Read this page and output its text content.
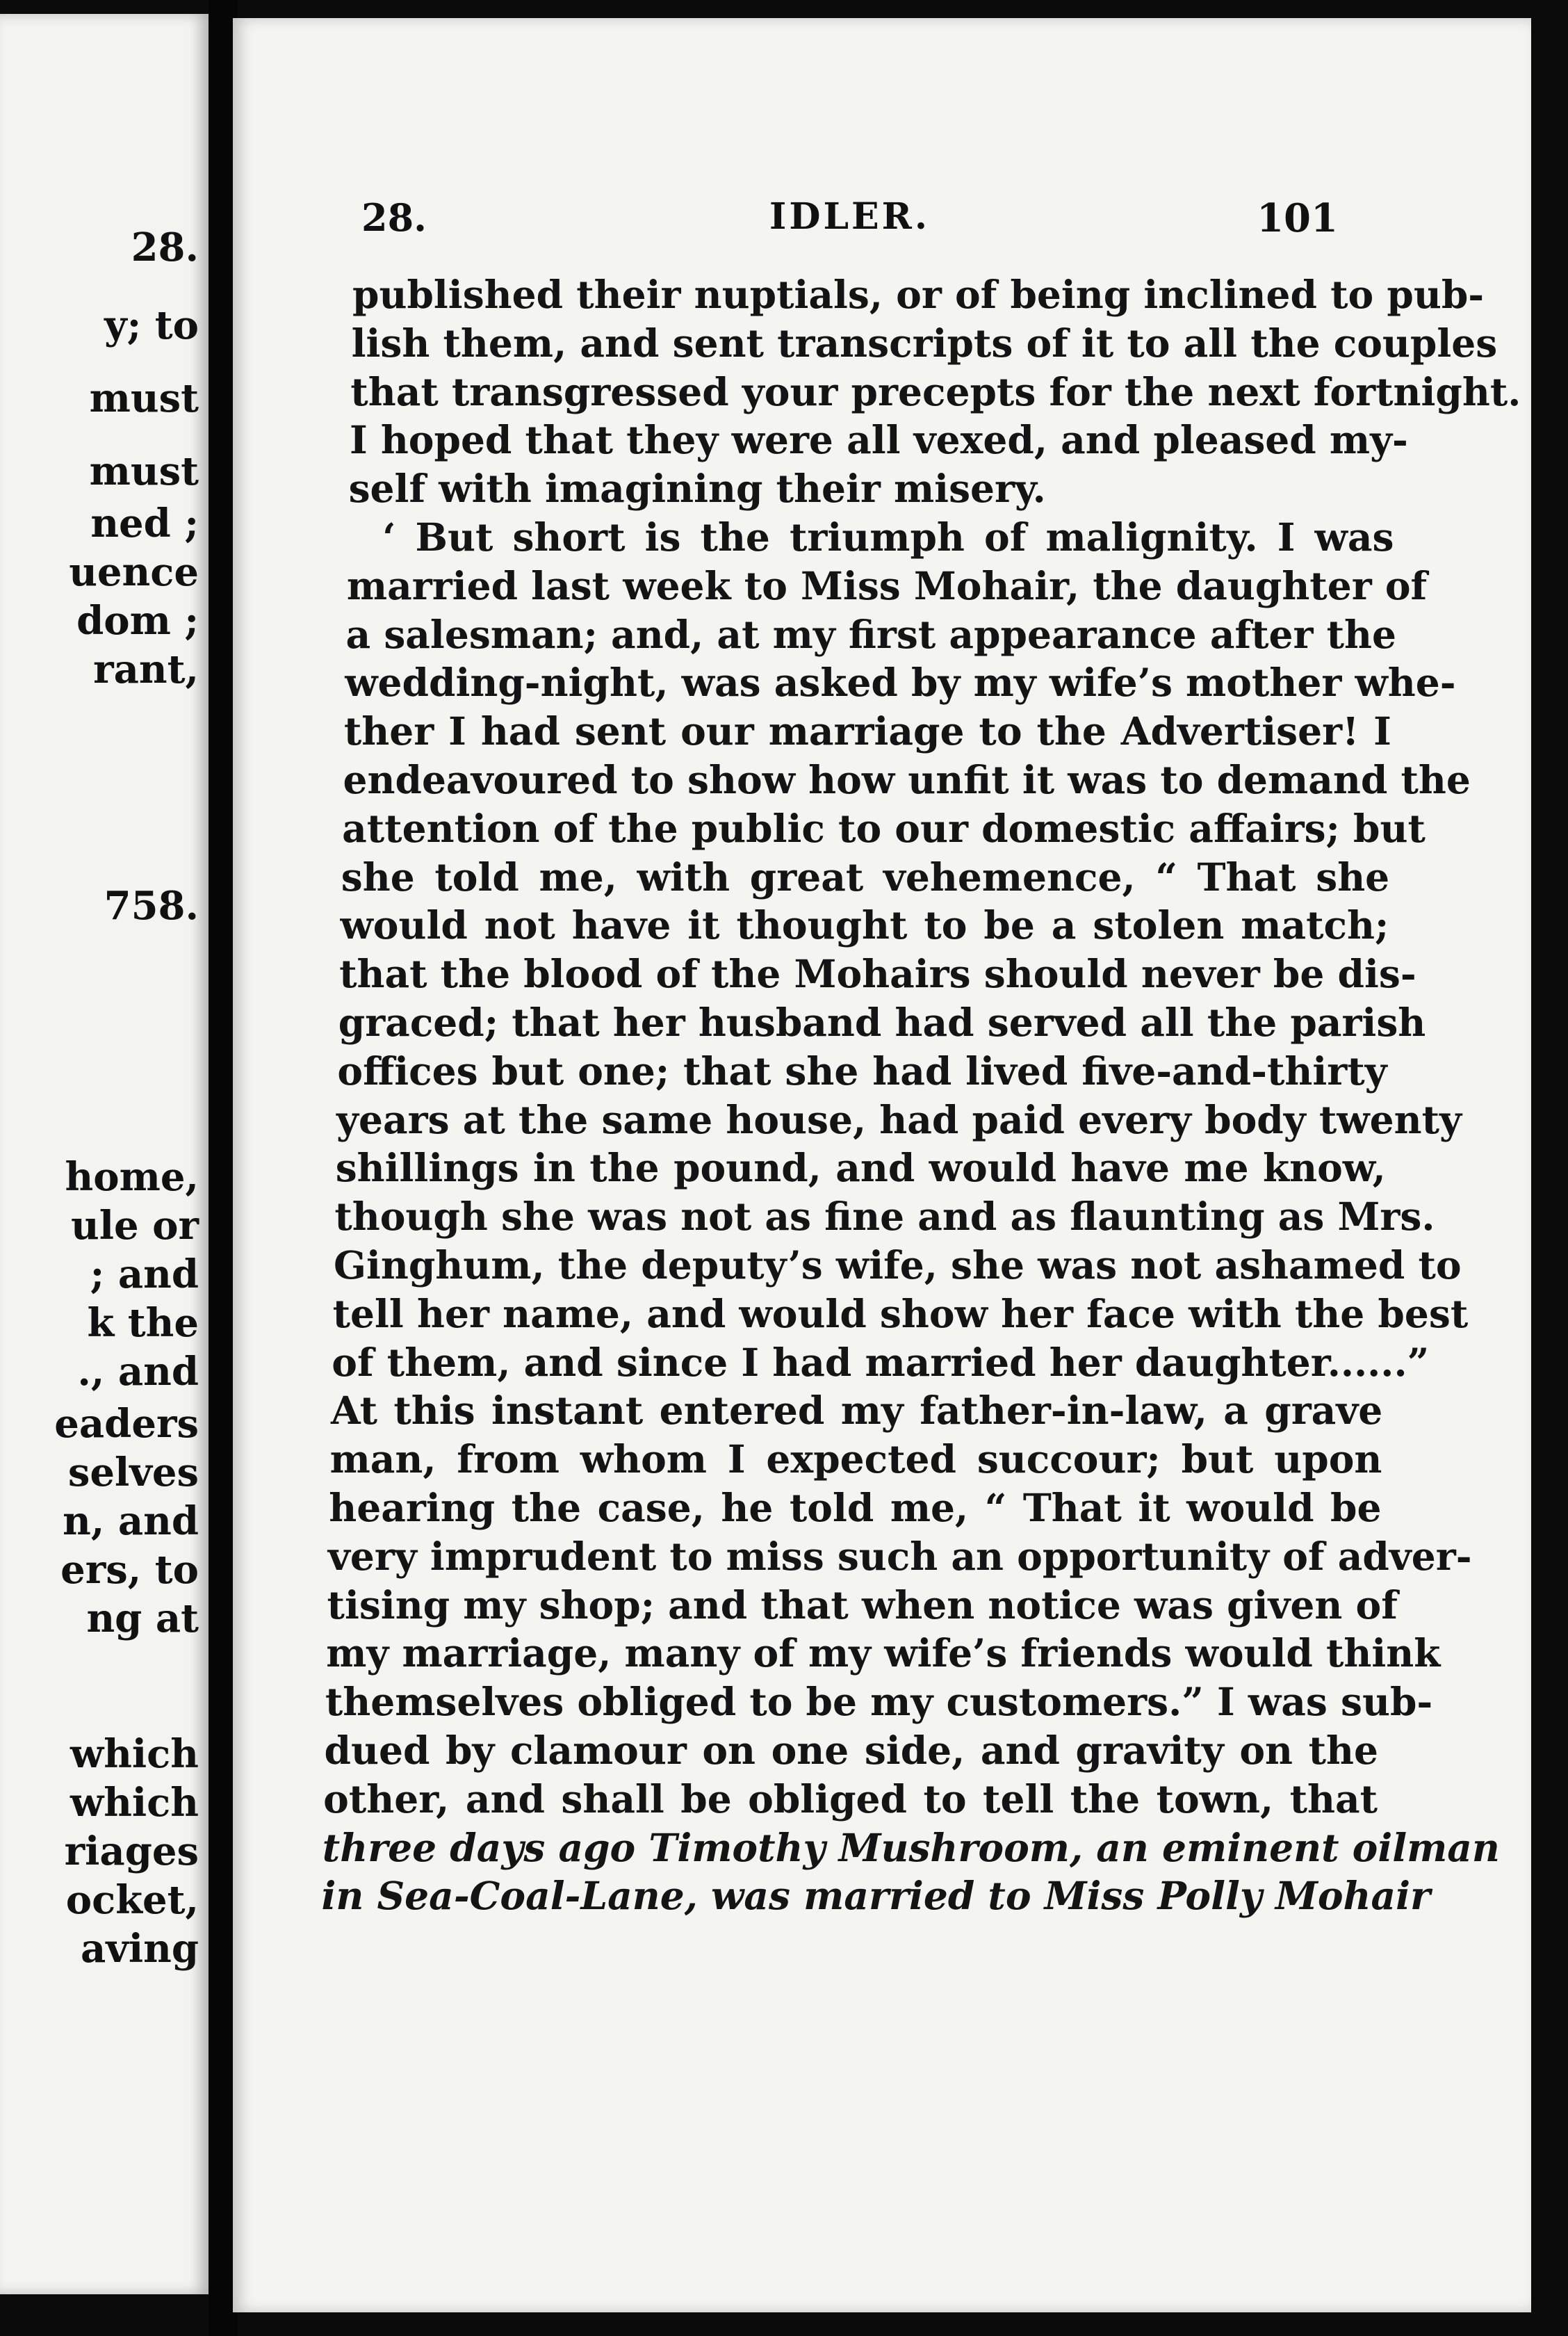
28.
y; to
must
must
ned ;
uence
dom ;
rant,
758.
home,
ule or
; and
k the
., and
eaders
selves
n, and
ers, to
ng at
which
which
riages
ocket,
aving
28.	IDLER.	101
published their nuptials, or of being inclined to pub-
lish them, and sent transcripts of it to all the couples
that transgressed your precepts for the next fortnight.
I hoped that they were all vexed, and pleased my-
self with imagining their misery.
‘ But short is the triumph of malignity. I was
married last week to Miss Mohair, the daughter of
a salesman; and, at my first appearance after the
wedding-night, was asked by my wife’s mother whe-
ther I had sent our marriage to the Advertiser! I
endeavoured to show how unfit it was to demand the
attention of the public to our domestic affairs; but
she told me, with great vehemence, “ That she
would not have it thought to be a stolen match;
that the blood of the Mohairs should never be dis-
graced; that her husband had served all the parish
offices but one; that she had lived five-and-thirty
years at the same house, had paid every body twenty
shillings in the pound, and would have me know,
though she was not as fine and as flaunting as Mrs.
Ginghum, the deputy’s wife, she was not ashamed to
tell her name, and would show her face with the best
of them, and since I had married her daughter......”
At this instant entered my father-in-law, a grave
man, from whom I expected succour; but upon
hearing the case, he told me, “ That it would be
very imprudent to miss such an opportunity of adver-
tising my shop; and that when notice was given of
my marriage, many of my wife’s friends would think
themselves obliged to be my customers.” I was sub-
dued by clamour on one side, and gravity on the
other, and shall be obliged to tell the town, that
three days ago Timothy Mushroom, an eminent oilman
in Sea-Coal-Lane, was married to Miss Polly Mohair
